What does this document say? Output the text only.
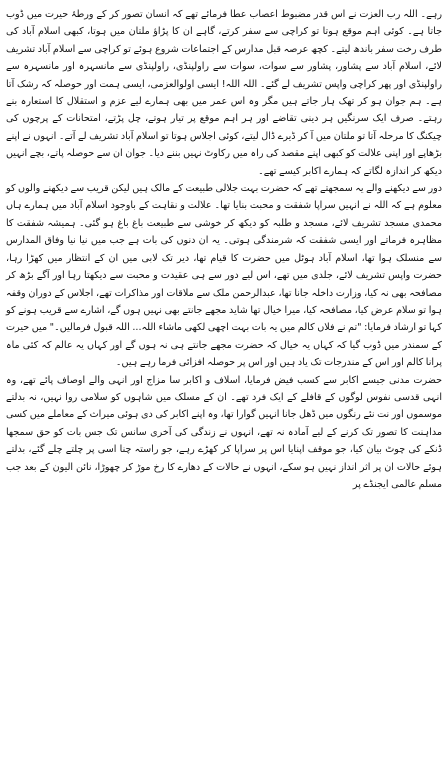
رہے۔ اللہ رب العزت نے اس قدر مضبوط اعصاب عطا فرمائے تھے کہ انسان تصور کر کے ورطۂ حیرت میں ڈوب جاتا ہے۔ کوئی اہم موقع ہوتا تو کراچی سے سفر کرتے، گاہے ان کا پڑاؤ ملتان میں ہوتا، کبھی اسلام آباد کی طرف رخت سفر باندھ لیتے۔ کچھ عرصہ قبل مدارس کے اجتماعات شروع ہوئے تو کراچی سے اسلام آباد تشریف لائے، اسلام آباد سے پشاور، پشاور سے سوات، سوات سے راولپنڈی، راولپنڈی سے مانسہرہ اور مانسہرہ سے راولپنڈی اور پھر کراچی واپس تشریف لے گئے۔ اللہ اللہ! ایسی اولوالعزمی، ایسی ہمت اور حوصلہ کہ رشک آتا ہے۔ ہم جوان ہو کر تھک ہار جاتے ہیں مگر وہ اس عمر میں بھی ہمارے لیے عزم و استقلال کا استعارہ بنے رہتے۔ صرف ایک سرنگیں ہر دینی تقاضے اور ہر اہم موقع پر تیار ہوتے، چل پڑتے، امتحانات کے پرچوں کی چیکنگ کا مرحلہ آتا تو ملتان میں آ کر ڈیرے ڈال لیتے، کوئی اجلاس ہوتا تو اسلام آباد تشریف لے آتے۔ انہوں نے اپنے بڑھاپے اور اپنی علالت کو کبھی اپنے مقصد کی راہ میں رکاوٹ نہیں بننے دیا۔ جوان ان سے حوصلہ پاتے، بچے انہیں دیکھ کر اندازہ لگاتے کہ ہمارے اکابر کیسے تھے۔

دور سے دیکھنے والے یہ سمجھتے تھے کہ حضرت بہت جلالی طبیعت کے مالک ہیں لیکن قریب سے دیکھنے والوں کو معلوم ہے کہ اللہ نے انہیں سراپا شفقت و محبت بنایا تھا۔ علالت و نقاہت کے باوجود اسلام آباد میں ہمارے ہاں محمدی مسجد تشریف لائے، مسجد و طلبہ کو دیکھ کر خوشی سے طبیعت باغ باغ ہو گئی۔ ہمیشہ شفقت کا مظاہرہ فرماتے اور ایسی شفقت کہ شرمندگی ہوتی۔ یہ ان دنوں کی بات ہے جب میں نیا نیا وفاق المدارس سے منسلک ہوا تھا، اسلام آباد ہوٹل میں حضرت کا قیام تھا، دیر تک لابی میں ان کے انتظار میں کھڑا رہا، حضرت واپس تشریف لائے، جلدی میں تھے، اس لیے دور سے ہی عقیدت و محبت سے دیکھتا رہا اور آگے بڑھ کر مصافحہ بھی نہ کیا، وزارت داخلہ جانا تھا، عبدالرحمن ملک سے ملاقات اور مذاکرات تھے، اجلاس کے دوران وقفہ ہوا تو سلام عرض کیا، مصافحہ کیا، میرا خیال تھا شاید مجھے جانتے بھی نہیں ہوں گے، اشارے سے قریب ہونے کو کہا تو ارشاد فرمایا: "تم نے فلاں کالم میں یہ بات بہت اچھی لکھی ماشاء اللہ... اللہ قبول فرمالیں۔" میں حیرت کے سمندر میں ڈوب گیا کہ کہاں یہ خیال کہ حضرت مجھے جانتے ہی نہ ہوں گے اور کہاں یہ عالم کہ کئی ماہ پرانا کالم اور اس کے مندرجات تک یاد ہیں اور اس پر حوصلہ افزائی فرما رہے ہیں۔

حضرت مدنی جیسے اکابر سے کسب فیض فرمایا، اسلاف و اکابر سا مزاج اور انہی والے اوصاف پائے تھے، وہ انہی قدسی نفوس لوگوں کے قافلے کے ایک فرد تھے۔ ان کے مسلک میں شاہوں کو سلامی روا نہیں، نہ بدلتے موسموں اور نت نئے رنگوں میں ڈھل جانا انہیں گوارا تھا، وہ اپنے اکابر کی دی ہوئی میراث کے معاملے میں کسی مداہنت کا تصور تک کرنے کے لیے آمادہ نہ تھے، انہوں نے زندگی کی آخری سانس تک جس بات کو حق سمجھا ڈنکے کی چوٹ بیان کیا، جو موقف اپنایا اس پر سراپا کر کھڑے رہے، جو راستہ چنا اسی پر چلتے چلے گئے، بدلتے ہوئے حالات ان پر اثر انداز نہیں ہو سکے، انہوں نے حالات کے دھارے کا رخ موڑ کر چھوڑا، نائن الیون کے بعد جب مسلم عالمی ایجنڈے پر
